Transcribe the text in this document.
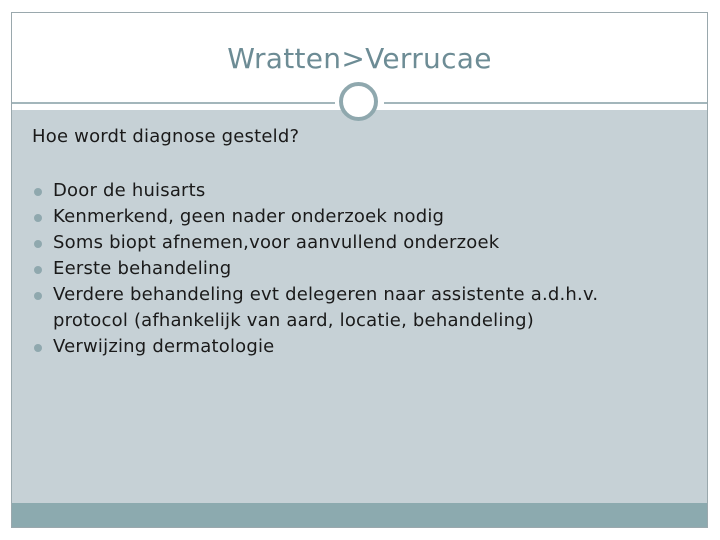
Wratten>Verrucae
Hoe wordt diagnose gesteld?
Door de huisarts
Kenmerkend, geen nader onderzoek nodig
Soms biopt afnemen,voor aanvullend onderzoek
Eerste behandeling
Verdere behandeling evt delegeren naar assistente a.d.h.v.
protocol (afhankelijk van aard, locatie, behandeling)
Verwijzing dermatologie
